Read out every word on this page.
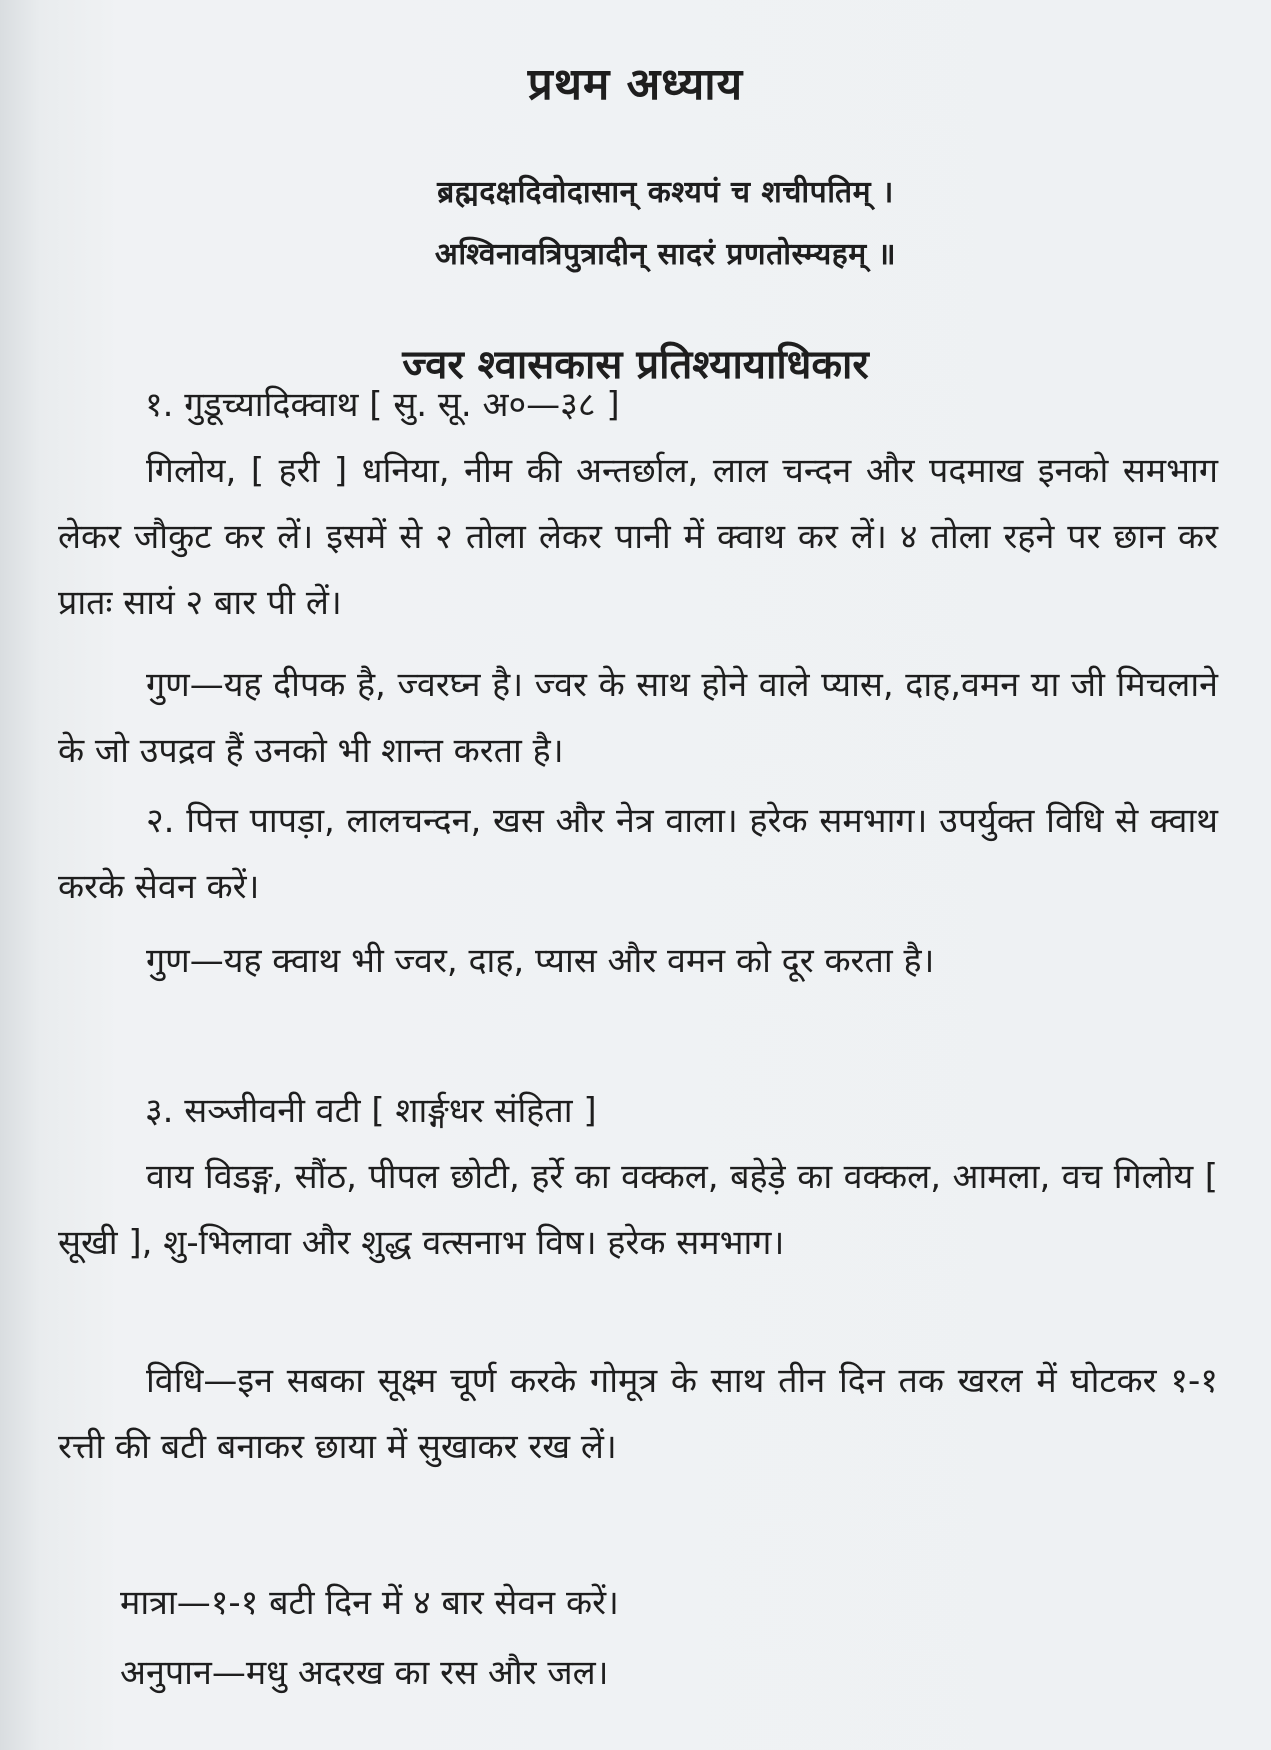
प्रथम अध्याय
ब्रह्मदक्षदिवोदासान् कश्यपं च शचीपतिम् ।
अश्विनावत्रिपुत्रादीन् सादरं प्रणतोस्म्यहम् ॥
ज्वर श्वासकास प्रतिश्यायाधिकार
१. गुडूच्यादिक्वाथ [ सु. सू. अ०—३८ ]

गिलोय, [ हरी ] धनिया, नीम की अन्तर्छाल, लाल चन्दन और पदमाख इनको समभाग लेकर जौकुट कर लें। इसमें से २ तोला लेकर पानी में क्वाथ कर लें। ४ तोला रहने पर छान कर प्रातः सायं २ बार पी लें।

गुण—यह दीपक है, ज्वरघ्न है। ज्वर के साथ होने वाले प्यास, दाह,वमन या जी मिचलाने के जो उपद्रव हैं उनको भी शान्त करता है।

२. पित्त पापड़ा, लालचन्दन, खस और नेत्र वाला। हरेक समभाग। उपर्युक्त विधि से क्वाथ करके सेवन करें।

गुण—यह क्वाथ भी ज्वर, दाह, प्यास और वमन को दूर करता है।

३. सञ्जीवनी वटी [ शार्ङ्गधर संहिता ]

वाय विडङ्ग, सौंठ, पीपल छोटी, हर्रे का वक्कल, बहेड़े का वक्कल, आमला, वच गिलोय [ सूखी ], शु-भिलावा और शुद्ध वत्सनाभ विष। हरेक समभाग।

विधि—इन सबका सूक्ष्म चूर्ण करके गोमूत्र के साथ तीन दिन तक खरल में घोटकर १-१ रत्ती की बटी बनाकर छाया में सुखाकर रख लें।

मात्रा—१-१ बटी दिन में ४ बार सेवन करें।
अनुपान—मधु अदरख का रस और जल।
